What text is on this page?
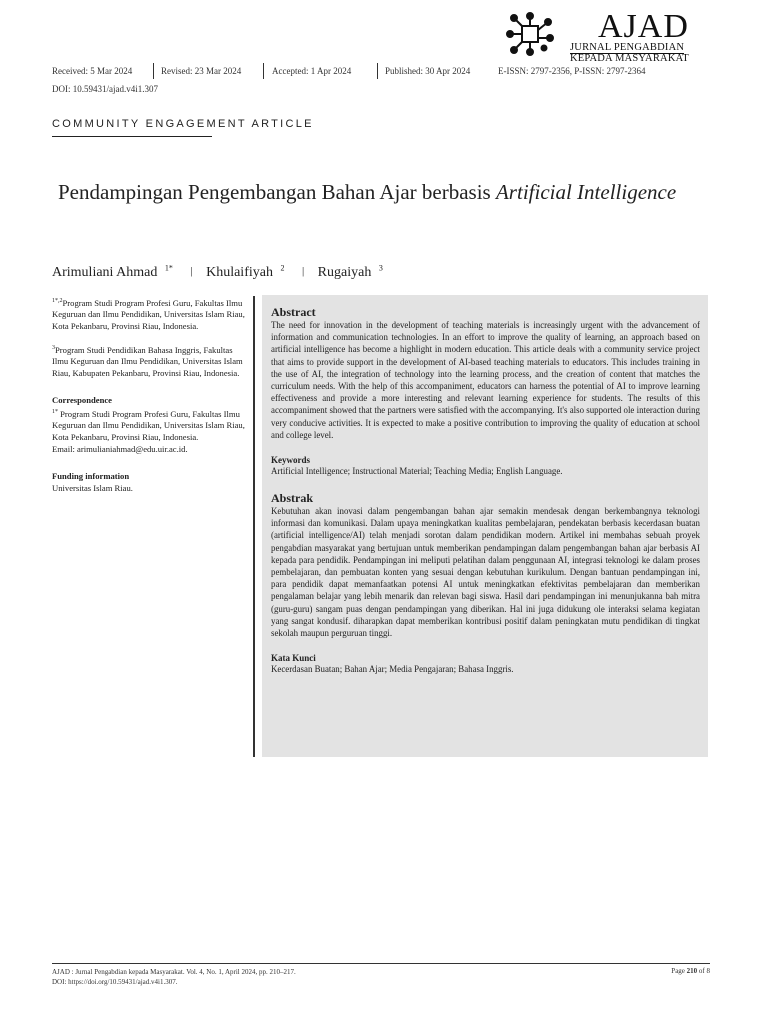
AJAD
JURNAL PENGABDIAN
KEPADA MASYARAKAT
Received: 5 Mar 2024	Revised: 23 Mar 2024	Accepted: 1 Apr 2024	Published: 30 Apr 2024	E-ISSN: 2797-2356, P-ISSN: 2797-2364
DOI: 10.59431/ajad.v4i1.307
COMMUNITY ENGAGEMENT ARTICLE
Pendampingan Pengembangan Bahan Ajar berbasis Artificial Intelligence
Arimuliani Ahmad $^{1*}$ | Khulaifiyah $^2$ | Rugaiyah $^3$

$^{1*,2}$Program Studi Program Profesi Guru, Fakultas Ilmu Keguruan dan Ilmu Pendidikan, Universitas Islam Riau, Kota Pekanbaru, Provinsi Riau, Indonesia.

$^3$Program Studi Pendidikan Bahasa Inggris, Fakultas Ilmu Keguruan dan Ilmu Pendidikan, Universitas Islam Riau, Kabupaten Pekanbaru, Provinsi Riau, Indonesia.

Correspondence

$^{1*}$ Program Studi Program Profesi Guru, Fakultas Ilmu Keguruan dan Ilmu Pendidikan, Universitas Islam Riau, Kota Pekanbaru, Provinsi Riau, Indonesia.

Email: arimulianiahmad@edu.uir.ac.id.

Funding information

Universitas Islam Riau.

Abstract

The need for innovation in the development of teaching materials is increasingly urgent with the advancement of information and communication technologies. In an effort to improve the quality of learning, an approach based on artificial intelligence has become a highlight in modern education. This article deals with a community service project that aims to provide support in the development of AI-based teaching materials to educators. This includes training in the use of AI, the integration of technology into the learning process, and the creation of content that matches the curriculum needs. With the help of this accompaniment, educators can harness the potential of AI to improve learning effectiveness and provide a more interesting and relevant learning experience for students. The results of this accompaniment showed that the partners were satisfied with the accompanying. It's also supported ole interaction during very conducive activities. It is expected to make a positive contribution to improving the quality of education at school and college level.

Keywords

Artificial Intelligence; Instructional Material; Teaching Media; English Language.

Abstrak

Kebutuhan akan inovasi dalam pengembangan bahan ajar semakin mendesak dengan berkembangnya teknologi informasi dan komunikasi. Dalam upaya meningkatkan kualitas pembelajaran, pendekatan berbasis kecerdasan buatan (artificial intelligence/AI) telah menjadi sorotan dalam pendidikan modern. Artikel ini membahas sebuah proyek pengabdian masyarakat yang bertujuan untuk memberikan pendampingan dalam pengembangan bahan ajar berbasis AI kepada para pendidik. Pendampingan ini meliputi pelatihan dalam penggunaan AI, integrasi teknologi ke dalam proses pembelajaran, dan pembuatan konten yang sesuai dengan kebutuhan kurikulum. Dengan bantuan pendampingan ini, para pendidik dapat memanfaatkan potensi AI untuk meningkatkan efektivitas pembelajaran dan memberikan pengalaman belajar yang lebih menarik dan relevan bagi siswa. Hasil dari pendampingan ini menunjukanna bah mitra (guru-guru) sangam puas dengan pendampingan yang diberikan. Hal ini juga didukung ole interaksi selama kegiatan yang sangat kondusif. diharapkan dapat memberikan kontribusi positif dalam peningkatan mutu pendidikan di tingkat sekolah maupun perguruan tinggi.

Kata Kunci

Kecerdasan Buatan; Bahan Ajar; Media Pengajaran; Bahasa Inggris.

AJAD : Jurnal Pengabdian kepada Masyarakat. Vol. 4, No. 1, April 2024, pp. 210–217.
DOI: https://doi.org/10.59431/ajad.v4i1.307.
Page 210 of 8
